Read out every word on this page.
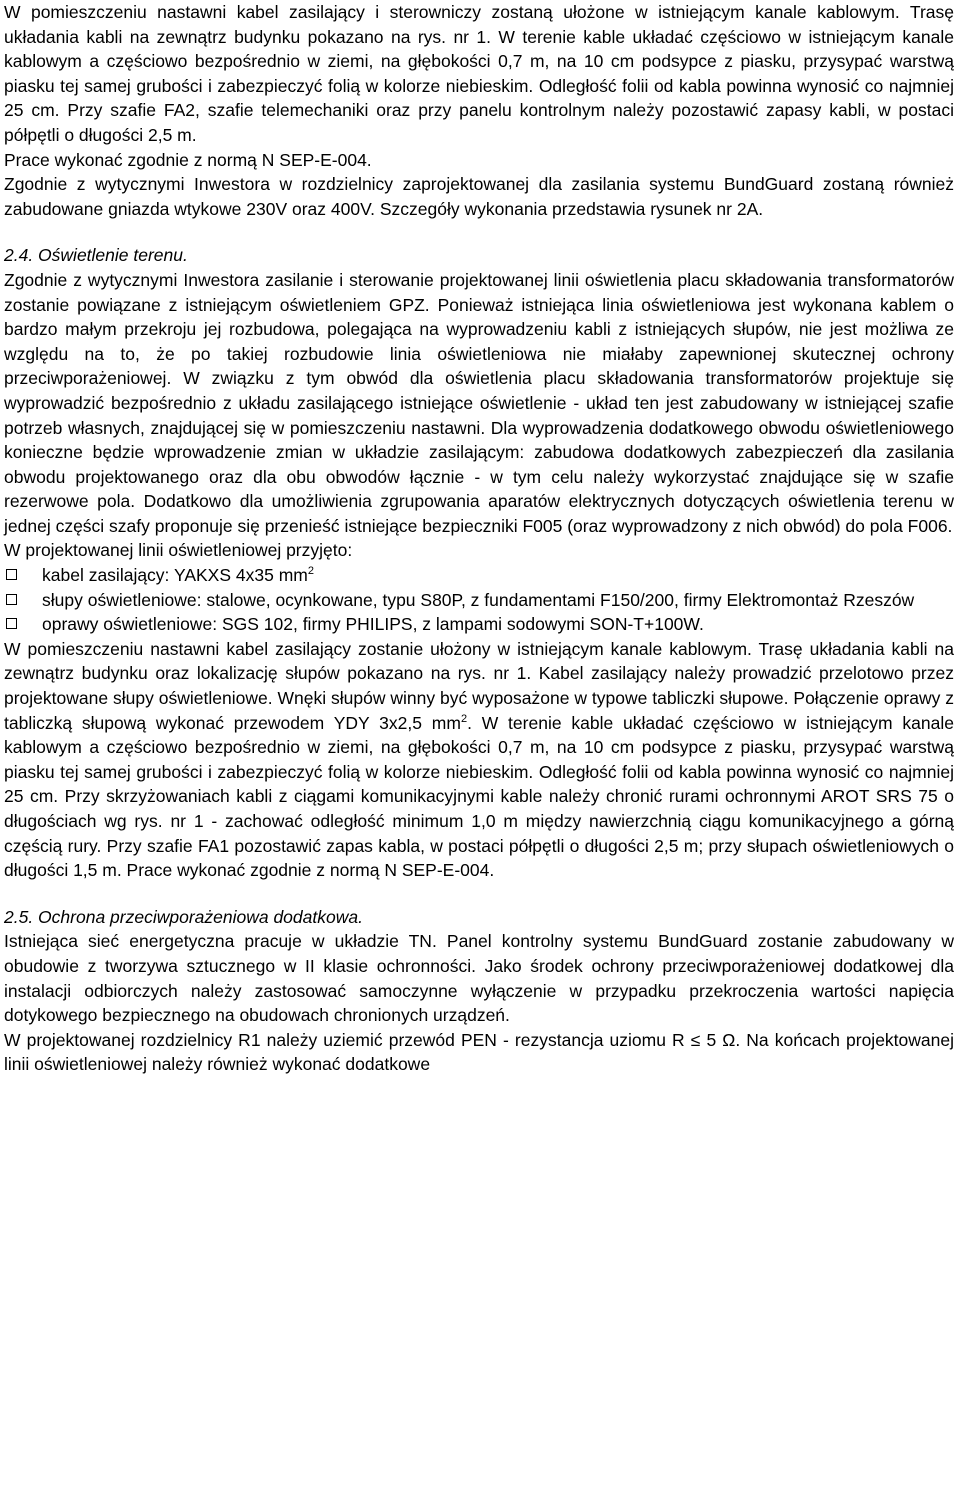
W pomieszczeniu nastawni kabel zasilający i sterowniczy zostaną ułożone w istniejącym kanale kablowym. Trasę układania kabli na zewnątrz budynku pokazano na rys. nr 1. W terenie kable układać częściowo w istniejącym kanale kablowym a częściowo bezpośrednio w ziemi, na głębokości 0,7 m, na 10 cm podsypce z piasku, przysypać warstwą piasku tej samej grubości i zabezpieczyć folią w kolorze niebieskim. Odległość folii od kabla powinna wynosić co najmniej 25 cm. Przy szafie FA2, szafie telemechaniki oraz przy panelu kontrolnym należy pozostawić zapasy kabli, w postaci półpętli o długości 2,5 m.

Prace wykonać zgodnie z normą N SEP-E-004.

Zgodnie z wytycznymi Inwestora w rozdzielnicy zaprojektowanej dla zasilania systemu BundGuard zostaną również zabudowane gniazda wtykowe 230V oraz 400V. Szczegóły wykonania przedstawia rysunek nr 2A.

2.4. Oświetlenie terenu.

Zgodnie z wytycznymi Inwestora zasilanie i sterowanie projektowanej linii oświetlenia placu składowania transformatorów zostanie powiązane z istniejącym oświetleniem GPZ. Ponieważ istniejąca linia oświetleniowa jest wykonana kablem o bardzo małym przekroju jej rozbudowa, polegająca na wyprowadzeniu kabli z istniejących słupów, nie jest możliwa ze względu na to, że po takiej rozbudowie linia oświetleniowa nie miałaby zapewnionej skutecznej ochrony przeciwporażeniowej. W związku z tym obwód dla oświetlenia placu składowania transformatorów projektuje się wyprowadzić bezpośrednio z układu zasilającego istniejące oświetlenie - układ ten jest zabudowany w istniejącej szafie potrzeb własnych, znajdującej się w pomieszczeniu nastawni. Dla wyprowadzenia dodatkowego obwodu oświetleniowego konieczne będzie wprowadzenie zmian w układzie zasilającym: zabudowa dodatkowych zabezpieczeń dla zasilania obwodu projektowanego oraz dla obu obwodów łącznie - w tym celu należy wykorzystać znajdujące się w szafie rezerwowe pola. Dodatkowo dla umożliwienia zgrupowania aparatów elektrycznych dotyczących oświetlenia terenu w jednej części szafy proponuje się przenieść istniejące bezpieczniki F005 (oraz wyprowadzony z nich obwód) do pola F006.

W projektowanej linii oświetleniowej przyjęto:

kabel zasilający: YAKXS 4x35 $mm^2$
słupy oświetleniowe: stalowe, ocynkowane, typu S80P, z fundamentami F150/200, firmy Elektromontaż Rzeszów
oprawy oświetleniowe: SGS 102, firmy PHILIPS, z lampami sodowymi SON-T+100W.

W pomieszczeniu nastawni kabel zasilający zostanie ułożony w istniejącym kanale kablowym. Trasę układania kabli na zewnątrz budynku oraz lokalizację słupów pokazano na rys. nr 1. Kabel zasilający należy prowadzić przelotowo przez projektowane słupy oświetleniowe. Wnęki słupów winny być wyposażone w typowe tabliczki słupowe. Połączenie oprawy z tabliczką słupową wykonać przewodem YDY 3x2,5 $mm^2$. W terenie kable układać częściowo w istniejącym kanale kablowym a częściowo bezpośrednio w ziemi, na głębokości 0,7 m, na 10 cm podsypce z piasku, przysypać warstwą piasku tej samej grubości i zabezpieczyć folią w kolorze niebieskim. Odległość folii od kabla powinna wynosić co najmniej 25 cm. Przy skrzyżowaniach kabli z ciągami komunikacyjnymi kable należy chronić rurami ochronnymi AROT SRS 75 o długościach wg rys. nr 1 - zachować odległość minimum 1,0 m między nawierzchnią ciągu komunikacyjnego a górną częścią rury. Przy szafie FA1 pozostawić zapas kabla, w postaci półpętli o długości 2,5 m; przy słupach oświetleniowych o długości 1,5 m. Prace wykonać zgodnie z normą N SEP-E-004.

2.5. Ochrona przeciwporażeniowa dodatkowa.

Istniejąca sieć energetyczna pracuje w układzie TN. Panel kontrolny systemu BundGuard zostanie zabudowany w obudowie z tworzywa sztucznego w II klasie ochronności. Jako środek ochrony przeciwporażeniowej dodatkowej dla instalacji odbiorczych należy zastosować samoczynne wyłączenie w przypadku przekroczenia wartości napięcia dotykowego bezpiecznego na obudowach chronionych urządzeń.

W projektowanej rozdzielnicy R1 należy uziemić przewód PEN - rezystancja uziomu R ≤ 5 Ω. Na końcach projektowanej linii oświetleniowej należy również wykonać dodatkowe
